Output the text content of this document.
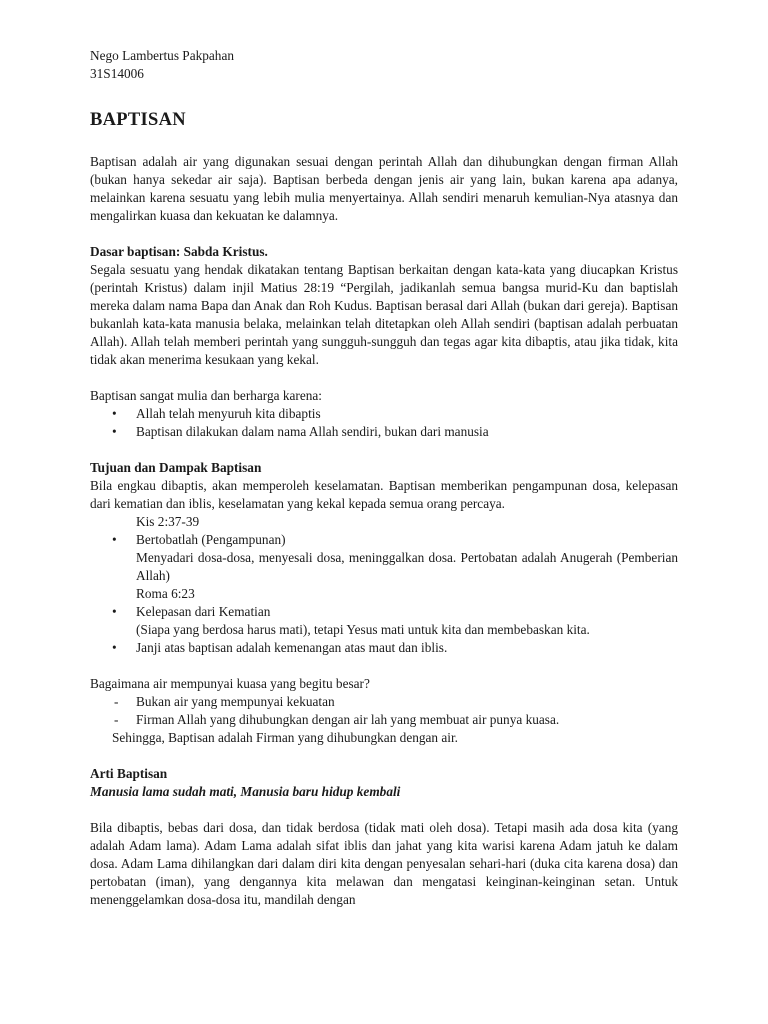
Nego Lambertus Pakpahan

31S14006

BAPTISAN

Baptisan adalah air yang digunakan sesuai dengan perintah Allah dan dihubungkan dengan firman Allah (bukan hanya sekedar air saja). Baptisan berbeda dengan jenis air yang lain, bukan karena apa adanya, melainkan karena sesuatu yang lebih mulia menyertainya. Allah sendiri menaruh kemulian-Nya atasnya dan mengalirkan kuasa dan kekuatan ke dalamnya.

Dasar baptisan: Sabda Kristus.

Segala sesuatu yang hendak dikatakan tentang Baptisan berkaitan dengan kata-kata yang diucapkan Kristus (perintah Kristus) dalam injil Matius 28:19 “Pergilah, jadikanlah semua bangsa murid-Ku dan baptislah mereka dalam nama Bapa dan Anak dan Roh Kudus. Baptisan berasal dari Allah (bukan dari gereja). Baptisan bukanlah kata-kata manusia belaka, melainkan telah ditetapkan oleh Allah sendiri (baptisan adalah perbuatan Allah). Allah telah memberi perintah yang sungguh-sungguh dan tegas agar kita dibaptis, atau jika tidak, kita tidak akan menerima kesukaan yang kekal.

Baptisan sangat mulia dan berharga karena:

• Allah telah menyuruh kita dibaptis
• Baptisan dilakukan dalam nama Allah sendiri, bukan dari manusia

Tujuan dan Dampak Baptisan

Bila engkau dibaptis, akan memperoleh keselamatan. Baptisan memberikan pengampunan dosa, kelepasan dari kematian dan iblis, keselamatan yang kekal kepada semua orang percaya.

Kis 2:37-39

• Bertobatlah (Pengampunan)

Menyadari dosa-dosa, menyesali dosa, meninggalkan dosa. Pertobatan adalah Anugerah (Pemberian Allah)

Roma 6:23

• Kelepasan dari Kematian

(Siapa yang berdosa harus mati), tetapi Yesus mati untuk kita dan membebaskan kita.

• Janji atas baptisan adalah kemenangan atas maut dan iblis.

Bagaimana air mempunyai kuasa yang begitu besar?

- Bukan air yang mempunyai kekuatan
- Firman Allah yang dihubungkan dengan air lah yang membuat air punya kuasa.

Sehingga, Baptisan adalah Firman yang dihubungkan dengan air.

Arti Baptisan

Manusia lama sudah mati, Manusia baru hidup kembali

Bila dibaptis, bebas dari dosa, dan tidak berdosa (tidak mati oleh dosa). Tetapi masih ada dosa kita (yang adalah Adam lama). Adam Lama adalah sifat iblis dan jahat yang kita warisi karena Adam jatuh ke dalam dosa. Adam Lama dihilangkan dari dalam diri kita dengan penyesalan sehari-hari (duka cita karena dosa) dan pertobatan (iman), yang dengannya kita melawan dan mengatasi keinginan-keinginan setan. Untuk menenggelamkan dosa-dosa itu, mandilah dengan
